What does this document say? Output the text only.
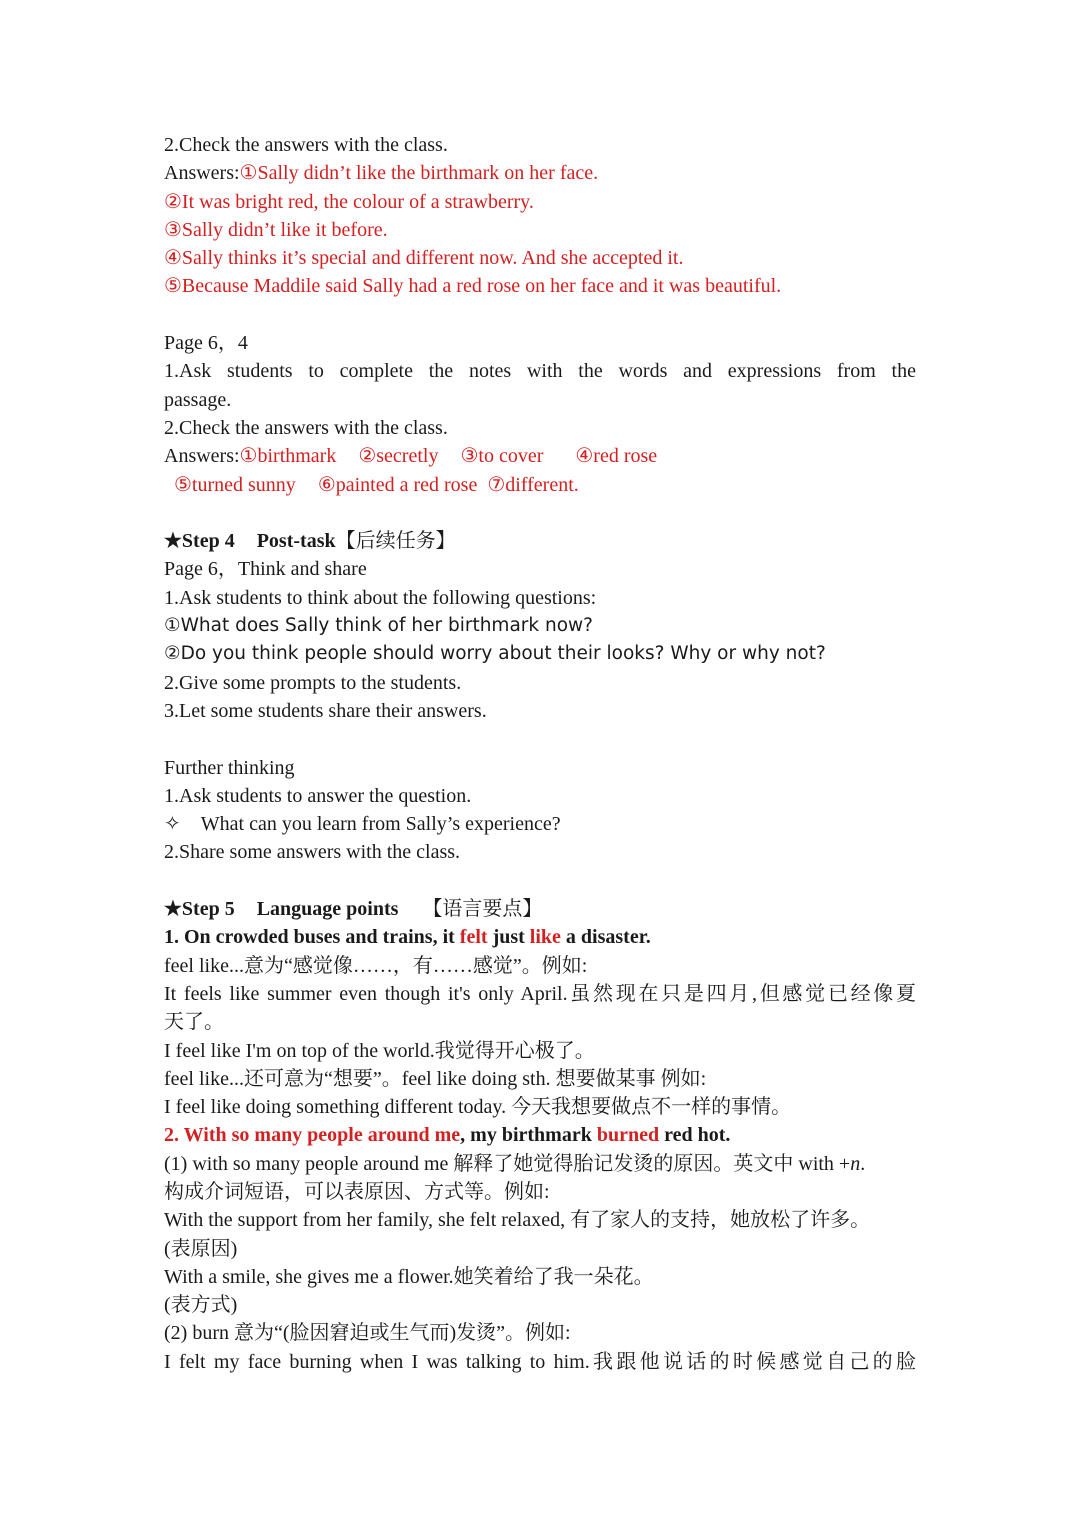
2.Check the answers with the class.
Answers:①Sally didn’t like the birthmark on her face.
②It was bright red, the colour of a strawberry.
③Sally didn’t like it before.
④Sally thinks it’s special and different now. And she accepted it.
⑤Because Maddile said Sally had a red rose on her face and it was beautiful.
Page 6，4
1.Ask students to complete the notes with the words and expressions from the
passage.
2.Check the answers with the class.
Answers:①birthmark ②secretly ③to cover ④red rose
⑤turned sunny ⑥painted a red rose ⑦different.
★Step 4 Post-task【后续任务】
Page 6，Think and share
1.Ask students to think about the following questions:
①What does Sally think of her birthmark now?
②Do you think people should worry about their looks? Why or why not?
2.Give some prompts to the students.
3.Let some students share their answers.
Further thinking
1.Ask students to answer the question.
✧ What can you learn from Sally’s experience?
2.Share some answers with the class.
★Step 5 Language points 【语言要点】
1. On crowded buses and trains, it felt just like a disaster.
feel like...意为“感觉像……，有……感觉”。例如:
It feels like summer even though it's only April.虽然现在只是四月,但感觉已经像夏
天了。
I feel like I'm on top of the world.我觉得开心极了。
feel like...还可意为“想要”。feel like doing sth. 想要做某事 例如:
I feel like doing something different today. 今天我想要做点不一样的事情。
2. With so many people around me, my birthmark burned red hot.
(1) with so many people around me 解释了她觉得胎记发烫的原因。英文中 with +n.
构成介词短语，可以表原因、方式等。例如:
With the support from her family, she felt relaxed, 有了家人的支持，她放松了许多。
(表原因)
With a smile, she gives me a flower.她笑着给了我一朵花。
(表方式)
(2) burn 意为“(脸因窘迫或生气而)发烫”。例如:
I felt my face burning when I was talking to him.我跟他说话的时候感觉自己的脸
